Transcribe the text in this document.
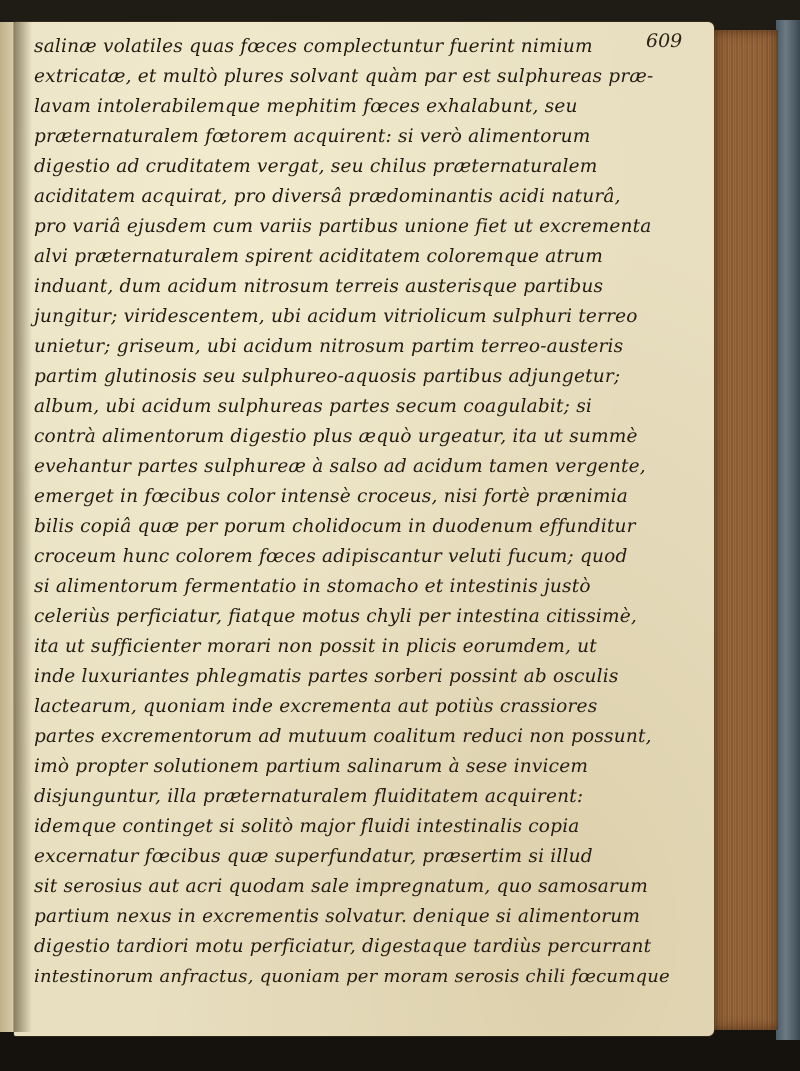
609
salinæ volatiles quas fœces complectuntur fuerint nimium
extricatæ, et multò plures solvant quàm par est sulphureas præ-
lavam intolerabilemque mephitim fœces exhalabunt, seu
præternaturalem fœtorem acquirent: si verò alimentorum
digestio ad cruditatem vergat, seu chilus præternaturalem
aciditatem acquirat, pro diversâ prædominantis acidi naturâ,
pro variâ ejusdem cum variis partibus unione fiet ut excrementa
alvi præternaturalem spirent aciditatem coloremque atrum
induant, dum acidum nitrosum terreis austerisque partibus
jungitur; viridescentem, ubi acidum vitriolicum sulphuri terreo
unietur; griseum, ubi acidum nitrosum partim terreo-austeris
partim glutinosis seu sulphureo-aquosis partibus adjungetur;
album, ubi acidum sulphureas partes secum coagulabit; si
contrà alimentorum digestio plus æquò urgeatur, ita ut summè
evehantur partes sulphureæ à salso ad acidum tamen vergente,
emerget in fœcibus color intensè croceus, nisi fortè prænimia
bilis copiâ quæ per porum cholidocum in duodenum effunditur
croceum hunc colorem fœces adipiscantur veluti fucum; quod
si alimentorum fermentatio in stomacho et intestinis justò
celeriùs perficiatur, fiatque motus chyli per intestina citissimè,
ita ut sufficienter morari non possit in plicis eorumdem, ut
inde luxuriantes phlegmatis partes sorberi possint ab osculis
lactearum, quoniam inde excrementa aut potiùs crassiores
partes excrementorum ad mutuum coalitum reduci non possunt,
imò propter solutionem partium salinarum à sese invicem
disjunguntur, illa præternaturalem fluiditatem acquirent:
idemque continget si solitò major fluidi intestinalis copia
excernatur fœcibus quæ superfundatur, præsertim si illud
sit serosius aut acri quodam sale impregnatum, quo samosarum
partium nexus in excrementis solvatur. denique si alimentorum
digestio tardiori motu perficiatur, digestaque tardiùs percurrant
intestinorum anfractus, quoniam per moram serosis chili fœcumque
